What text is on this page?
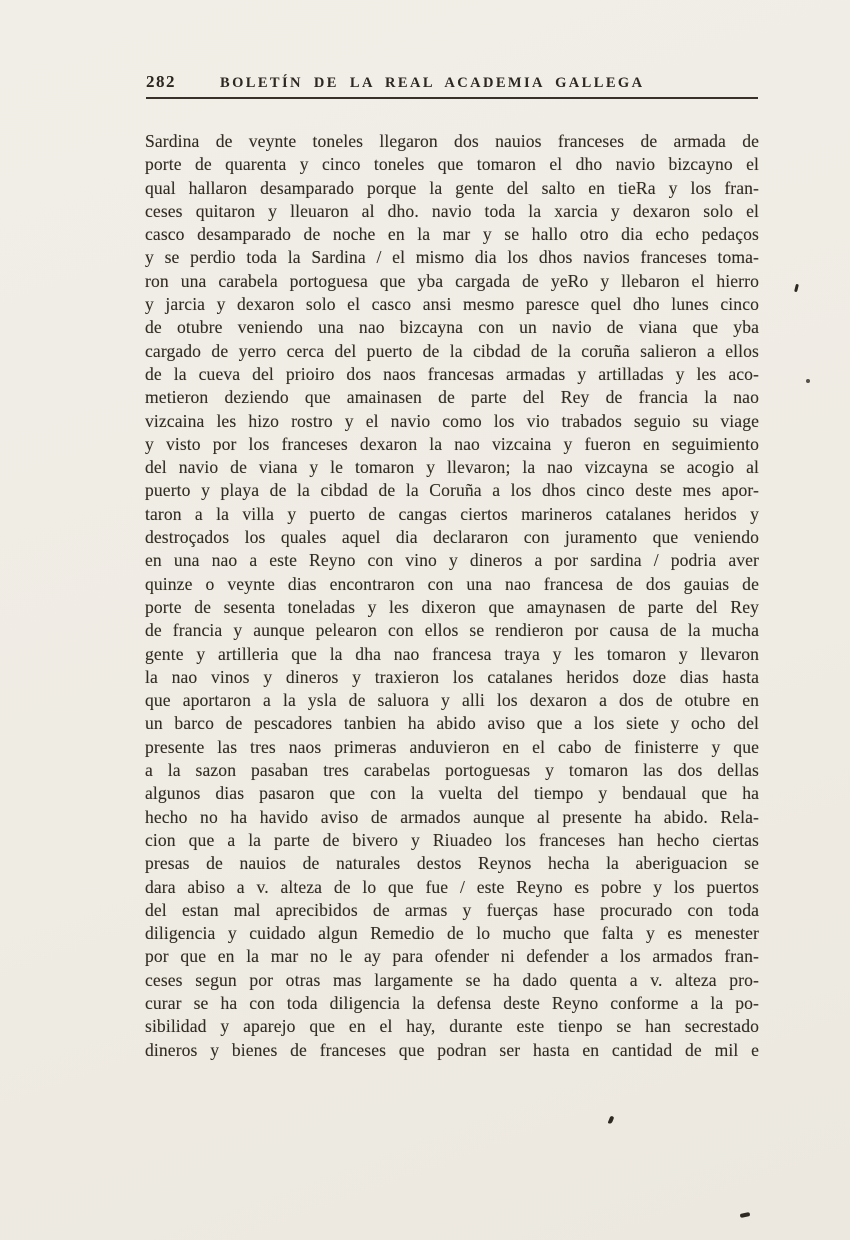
282	BOLETÍN DE LA REAL ACADEMIA GALLEGA
Sardina de veynte toneles llegaron dos nauios franceses de armada de
porte de quarenta y cinco toneles que tomaron el dho navio bizcayno el
qual hallaron desamparado porque la gente del salto en tieRa y los fran-
ceses quitaron y lleuaron al dho. navio toda la xarcia y dexaron solo el
casco desamparado de noche en la mar y se hallo otro dia echo pedaços
y se perdio toda la Sardina / el mismo dia los dhos navios franceses toma-
ron una carabela portoguesa que yba cargada de yeRo y llebaron el hierro
y jarcia y dexaron solo el casco ansi mesmo paresce quel dho lunes cinco
de otubre veniendo una nao bizcayna con un navio de viana que yba
cargado de yerro cerca del puerto de la cibdad de la coruña salieron a ellos
de la cueva del prioiro dos naos francesas armadas y artilladas y les aco-
metieron deziendo que amainasen de parte del Rey de francia la nao
vizcaina les hizo rostro y el navio como los vio trabados seguio su viage
y visto por los franceses dexaron la nao vizcaina y fueron en seguimiento
del navio de viana y le tomaron y llevaron; la nao vizcayna se acogio al
puerto y playa de la cibdad de la Coruña a los dhos cinco deste mes apor-
taron a la villa y puerto de cangas ciertos marineros catalanes heridos y
destroçados los quales aquel dia declararon con juramento que veniendo
en una nao a este Reyno con vino y dineros a por sardina / podria aver
quinze o veynte dias encontraron con una nao francesa de dos gauias de
porte de sesenta toneladas y les dixeron que amaynasen de parte del Rey
de francia y aunque pelearon con ellos se rendieron por causa de la mucha
gente y artilleria que la dha nao francesa traya y les tomaron y llevaron
la nao vinos y dineros y traxieron los catalanes heridos doze dias hasta
que aportaron a la ysla de saluora y alli los dexaron a dos de otubre en
un barco de pescadores tanbien ha abido aviso que a los siete y ocho del
presente las tres naos primeras anduvieron en el cabo de finisterre y que
a la sazon pasaban tres carabelas portoguesas y tomaron las dos dellas
algunos dias pasaron que con la vuelta del tiempo y bendaual que ha
hecho no ha havido aviso de armados aunque al presente ha abido. Rela-
cion que a la parte de bivero y Riuadeo los franceses han hecho ciertas
presas de nauios de naturales destos Reynos hecha la aberiguacion se
dara abiso a v. alteza de lo que fue / este Reyno es pobre y los puertos
del estan mal aprecibidos de armas y fuerças hase procurado con toda
diligencia y cuidado algun Remedio de lo mucho que falta y es menester
por que en la mar no le ay para ofender ni defender a los armados fran-
ceses segun por otras mas largamente se ha dado quenta a v. alteza pro-
curar se ha con toda diligencia la defensa deste Reyno conforme a la po-
sibilidad y aparejo que en el hay, durante este tienpo se han secrestado
dineros y bienes de franceses que podran ser hasta en cantidad de mil e
